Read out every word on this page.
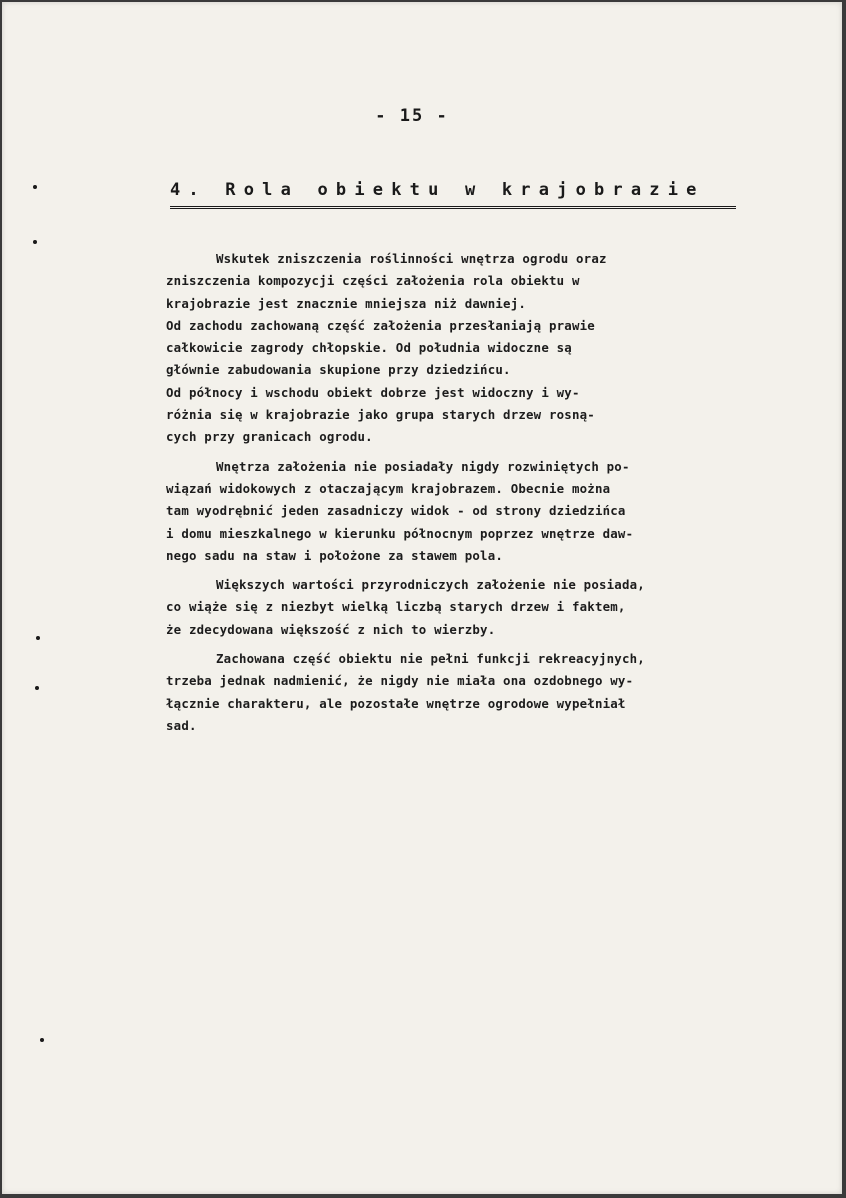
- 15 -
4. Rola obiektu w krajobrazie
Wskutek zniszczenia roślinności wnętrza ogrodu oraz
zniszczenia kompozycji części założenia rola obiektu w
krajobrazie jest znacznie mniejsza niż dawniej.
Od zachodu zachowaną część założenia przesłaniają prawie
całkowicie zagrody chłopskie. Od południa widoczne są
głównie zabudowania skupione przy dziedzińcu.
Od północy i wschodu obiekt dobrze jest widoczny i wy-
różnia się w krajobrazie jako grupa starych drzew rosną-
cych przy granicach ogrodu.
Wnętrza założenia nie posiadały nigdy rozwiniętych po-
wiązań widokowych z otaczającym krajobrazem. Obecnie można
tam wyodrębnić jeden zasadniczy widok - od strony dziedzińca
i domu mieszkalnego w kierunku północnym poprzez wnętrze daw-
nego sadu na staw i położone za stawem pola.
Większych wartości przyrodniczych założenie nie posiada,
co wiąże się z niezbyt wielką liczbą starych drzew i faktem,
że zdecydowana większość z nich to wierzby.
Zachowana część obiektu nie pełni funkcji rekreacyjnych,
trzeba jednak nadmienić, że nigdy nie miała ona ozdobnego wy-
łącznie charakteru, ale pozostałe wnętrze ogrodowe wypełniał
sad.
